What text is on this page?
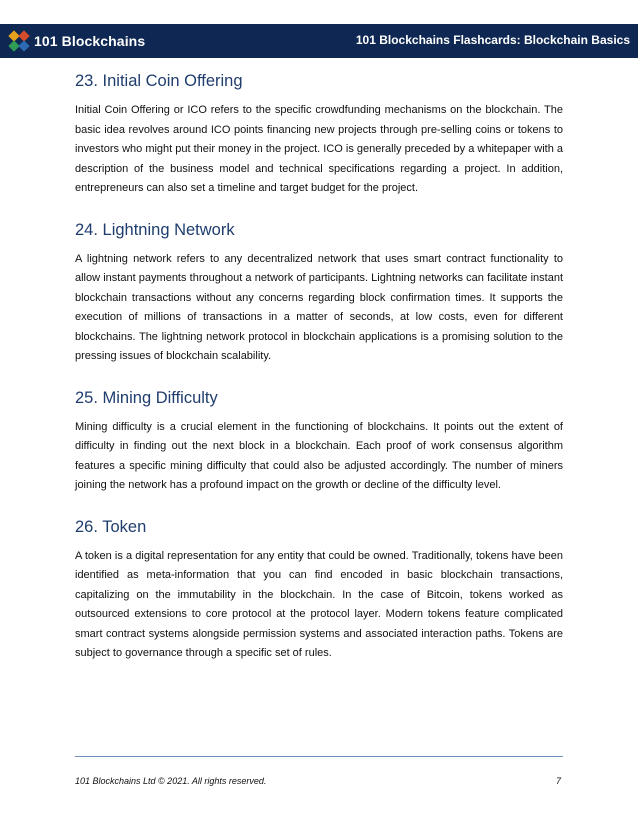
101 Blockchains	101 Blockchains Flashcards: Blockchain Basics
23. Initial Coin Offering

Initial Coin Offering or ICO refers to the specific crowdfunding mechanisms on the blockchain. The basic idea revolves around ICO points financing new projects through pre-selling coins or tokens to investors who might put their money in the project. ICO is generally preceded by a whitepaper with a description of the business model and technical specifications regarding a project. In addition, entrepreneurs can also set a timeline and target budget for the project.

24. Lightning Network

A lightning network refers to any decentralized network that uses smart contract functionality to allow instant payments throughout a network of participants. Lightning networks can facilitate instant blockchain transactions without any concerns regarding block confirmation times. It supports the execution of millions of transactions in a matter of seconds, at low costs, even for different blockchains. The lightning network protocol in blockchain applications is a promising solution to the pressing issues of blockchain scalability.

25. Mining Difficulty

Mining difficulty is a crucial element in the functioning of blockchains. It points out the extent of difficulty in finding out the next block in a blockchain. Each proof of work consensus algorithm features a specific mining difficulty that could also be adjusted accordingly. The number of miners joining the network has a profound impact on the growth or decline of the difficulty level.

26. Token

A token is a digital representation for any entity that could be owned. Traditionally, tokens have been identified as meta-information that you can find encoded in basic blockchain transactions, capitalizing on the immutability in the blockchain. In the case of Bitcoin, tokens worked as outsourced extensions to core protocol at the protocol layer. Modern tokens feature complicated smart contract systems alongside permission systems and associated interaction paths. Tokens are subject to governance through a specific set of rules.

101 Blockchains Ltd © 2021. All rights reserved.	7
